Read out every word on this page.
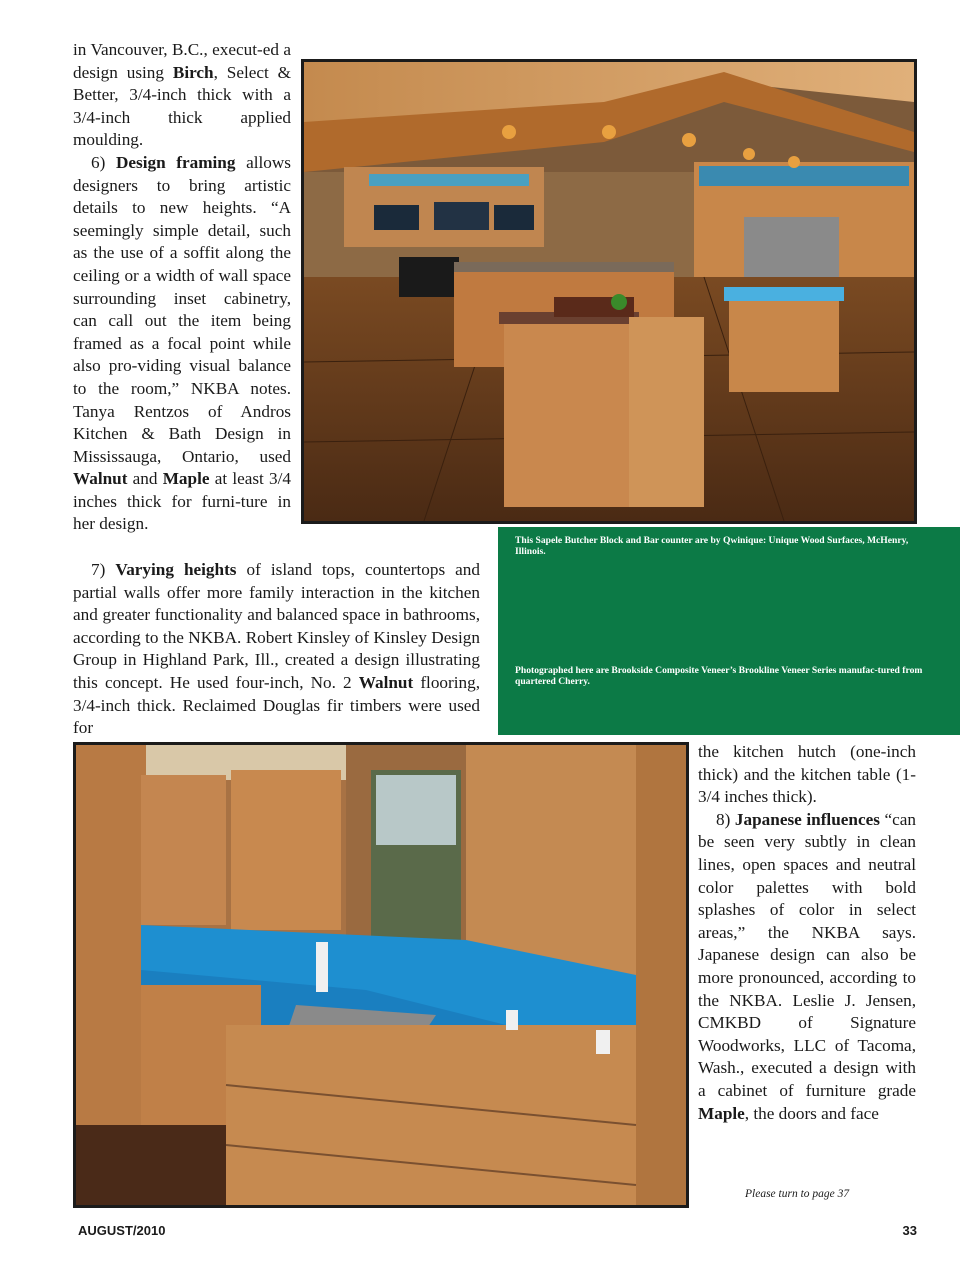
in Vancouver, B.C., execut-ed a design using Birch, Select & Better, 3/4-inch thick with a 3/4-inch thick applied moulding.

6) Design framing allows designers to bring artistic details to new heights. “A seemingly simple detail, such as the use of a soffit along the ceiling or a width of wall space surrounding inset cabinetry, can call out the item being framed as a focal point while also pro-viding visual balance to the room,” NKBA notes. Tanya Rentzos of Andros Kitchen & Bath Design in Mississauga, Ontario, used Walnut and Maple at least 3/4 inches thick for furni-ture in her design.

7) Varying heights of island tops, countertops and partial walls offer more family interaction in the kitchen and greater functionality and balanced space in bathrooms, according to the NKBA. Robert Kinsley of Kinsley Design Group in Highland Park, Ill., created a design illustrating this concept. He used four-inch, No. 2 Walnut flooring, 3/4-inch thick. Reclaimed Douglas fir timbers were used for

the kitchen hutch (one-inch thick) and the kitchen table (1-3/4 inches thick).

8) Japanese influences “can be seen very subtly in clean lines, open spaces and neutral color palettes with bold splashes of color in select areas,” the NKBA says. Japanese design can also be more pronounced, according to the NKBA. Leslie J. Jensen, CMKBD of Signature Woodworks, LLC of Tacoma, Wash., executed a design with a cabinet of furniture grade Maple, the doors and face

This Sapele Butcher Block and Bar counter are by Qwinique: Unique Wood Surfaces, McHenry, Illinois.
Photographed here are Brookside Composite Veneer’s Brookline Veneer Series manufac-tured from quartered Cherry.
Please turn to page 37
AUGUST/2010	33
